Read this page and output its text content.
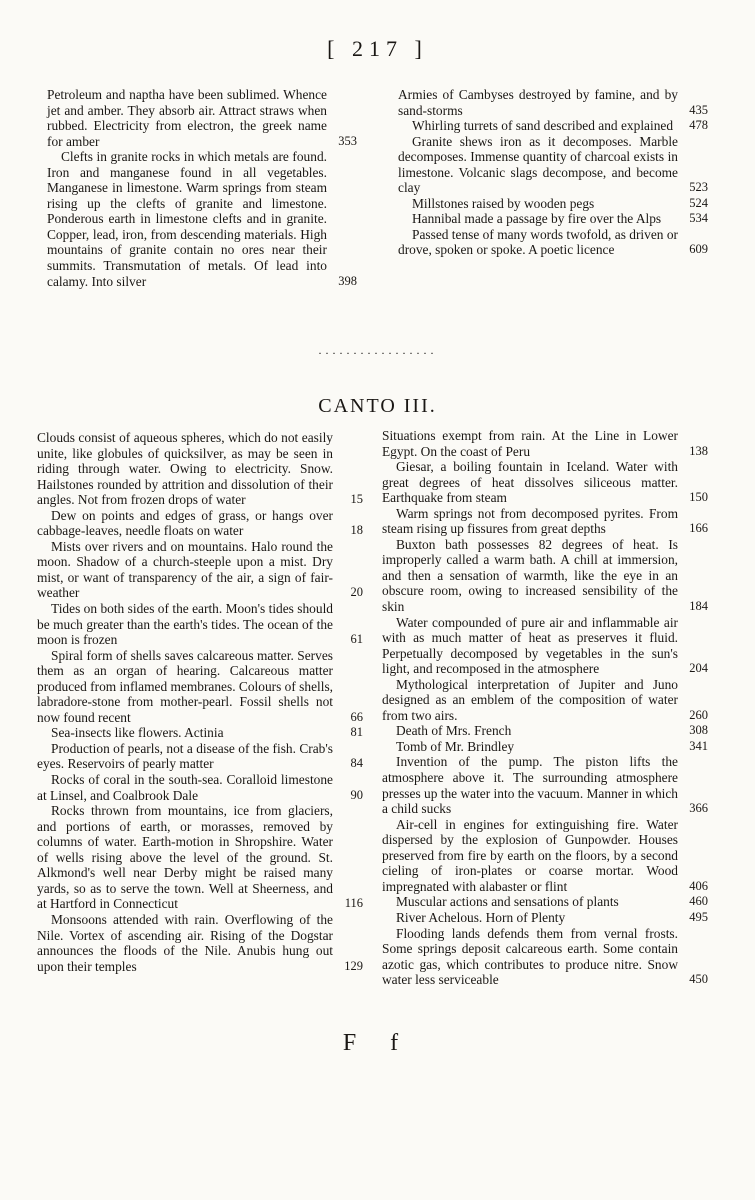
[ 217 ]
Petroleum and naptha have been sublimed. Whence jet and amber. They absorb air. Attract straws when rubbed. Electricity from electron, the greek name for amber	353
Clefts in granite rocks in which metals are found. Iron and manganese found in all vegetables. Manganese in limestone. Warm springs from steam rising up the clefts of granite and limestone. Ponderous earth in limestone clefts and in granite. Copper, lead, iron, from descending materials. High mountains of granite contain no ores near their summits. Transmutation of metals. Of lead into calamy. Into silver	398
Armies of Cambyses destroyed by famine, and by sand-storms	435
Whirling turrets of sand described and explained	478
Granite shews iron as it decomposes. Marble decomposes. Immense quantity of charcoal exists in limestone. Volcanic slags decompose, and become clay	523
Millstones raised by wooden pegs	524
Hannibal made a passage by fire over the Alps	534
Passed tense of many words twofold, as driven or drove, spoken or spoke. A poetic licence	609
·················
CANTO III.
Clouds consist of aqueous spheres, which do not easily unite, like globules of quicksilver, as may be seen in riding through water. Owing to electricity. Snow. Hailstones rounded by attrition and dissolution of their angles. Not from frozen drops of water	15
Dew on points and edges of grass, or hangs over cabbage-leaves, needle floats on water	18
Mists over rivers and on mountains. Halo round the moon. Shadow of a church-steeple upon a mist. Dry mist, or want of transparency of the air, a sign of fair-weather	20
Tides on both sides of the earth. Moon's tides should be much greater than the earth's tides. The ocean of the moon is frozen	61
Spiral form of shells saves calcareous matter. Serves them as an organ of hearing. Calcareous matter produced from inflamed membranes. Colours of shells, labradore-stone from mother-pearl. Fossil shells not now found recent	66
Sea-insects like flowers. Actinia	81
Production of pearls, not a disease of the fish. Crab's eyes. Reservoirs of pearly matter	84
Rocks of coral in the south-sea. Coralloid limestone at Linsel, and Coalbrook Dale	90
Rocks thrown from mountains, ice from glaciers, and portions of earth, or morasses, removed by columns of water. Earth-motion in Shropshire. Water of wells rising above the level of the ground. St. Alkmond's well near Derby might be raised many yards, so as to serve the town. Well at Sheerness, and at Hartford in Connecticut	116
Monsoons attended with rain. Overflowing of the Nile. Vortex of ascending air. Rising of the Dogstar announces the floods of the Nile. Anubis hung out upon their temples	129
Situations exempt from rain. At the Line in Lower Egypt. On the coast of Peru	138
Giesar, a boiling fountain in Iceland. Water with great degrees of heat dissolves siliceous matter. Earthquake from steam	150
Warm springs not from decomposed pyrites. From steam rising up fissures from great depths	166
Buxton bath possesses 82 degrees of heat. Is improperly called a warm bath. A chill at immersion, and then a sensation of warmth, like the eye in an obscure room, owing to increased sensibility of the skin	184
Water compounded of pure air and inflammable air with as much matter of heat as preserves it fluid. Perpetually decomposed by vegetables in the sun's light, and recomposed in the atmosphere	204
Mythological interpretation of Jupiter and Juno designed as an emblem of the composition of water from two airs.	260
Death of Mrs. French	308
Tomb of Mr. Brindley	341
Invention of the pump. The piston lifts the atmosphere above it. The surrounding atmosphere presses up the water into the vacuum. Manner in which a child sucks	366
Air-cell in engines for extinguishing fire. Water dispersed by the explosion of Gunpowder. Houses preserved from fire by earth on the floors, by a second cieling of iron-plates or coarse mortar. Wood impregnated with alabaster or flint	406
Muscular actions and sensations of plants	460
River Achelous. Horn of Plenty	495
Flooding lands defends them from vernal frosts. Some springs deposit calcareous earth. Some contain azotic gas, which contributes to produce nitre. Snow water less serviceable	450
F f
